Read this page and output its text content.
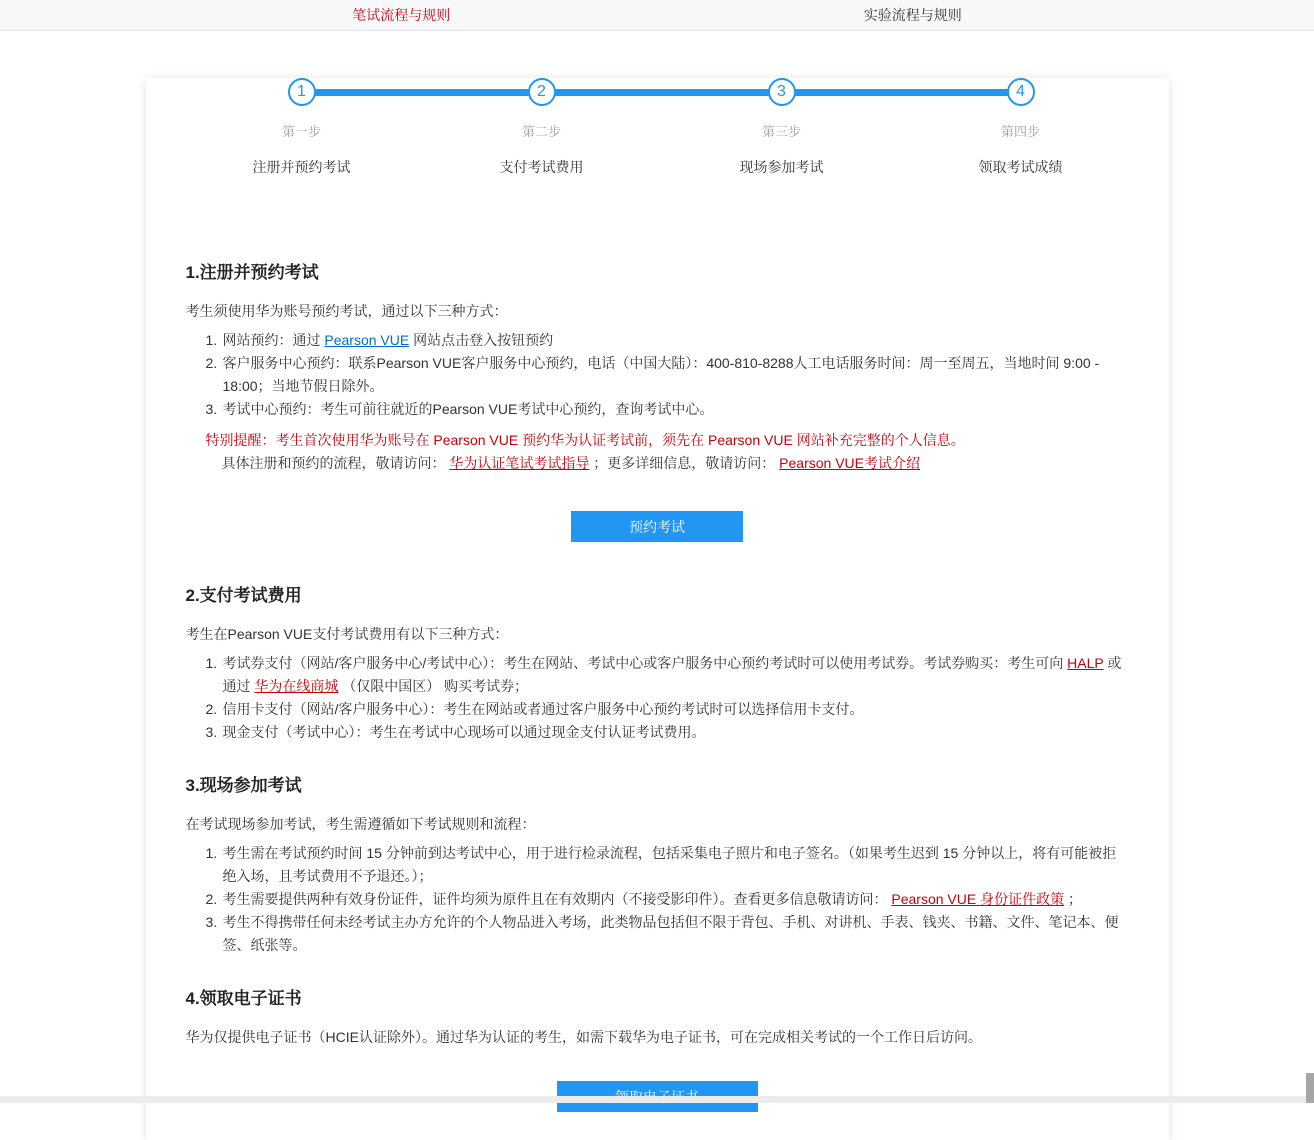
笔试流程与规则	实验流程与规则
1
第一步
注册并预约考试
2
第二步
支付考试费用
3
第三步
现场参加考试
4
第四步
领取考试成绩
1.注册并预约考试
考生须使用华为账号预约考试，通过以下三种方式：
网站预约：通过 Pearson VUE 网站点击登入按钮预约
客户服务中心预约：联系Pearson VUE客户服务中心预约，电话（中国大陆）：400-810-8288人工电话服务时间：周一至周五，当地时间 9:00 - 18:00；当地节假日除外。
考试中心预约：考生可前往就近的Pearson VUE考试中心预约，查询考试中心。
特别提醒：考生首次使用华为账号在 Pearson VUE 预约华为认证考试前，须先在 Pearson VUE 网站补充完整的个人信息。
具体注册和预约的流程，敬请访问： 华为认证笔试考试指导 ；更多详细信息，敬请访问： Pearson VUE考试介绍
预约考试
2.支付考试费用
考生在Pearson VUE支付考试费用有以下三种方式：
考试券支付（网站/客户服务中心/考试中心）：考生在网站、考试中心或客户服务中心预约考试时可以使用考试券。考试券购买：考生可向 HALP 或通过 华为在线商城 （仅限中国区） 购买考试券；
信用卡支付（网站/客户服务中心）：考生在网站或者通过客户服务中心预约考试时可以选择信用卡支付。
现金支付（考试中心）：考生在考试中心现场可以通过现金支付认证考试费用。
3.现场参加考试
在考试现场参加考试，考生需遵循如下考试规则和流程：
考生需在考试预约时间 15 分钟前到达考试中心，用于进行检录流程，包括采集电子照片和电子签名。（如果考生迟到 15 分钟以上，将有可能被拒绝入场，且考试费用不予退还。）；
考生需要提供两种有效身份证件，证件均须为原件且在有效期内（不接受影印件）。查看更多信息敬请访问： Pearson VUE 身份证件政策 ；
考生不得携带任何未经考试主办方允许的个人物品进入考场，此类物品包括但不限于背包、手机、对讲机、手表、钱夹、书籍、文件、笔记本、便签、纸张等。
4.领取电子证书
华为仅提供电子证书（HCIE认证除外）。通过华为认证的考生，如需下载华为电子证书，可在完成相关考试的一个工作日后访问。
